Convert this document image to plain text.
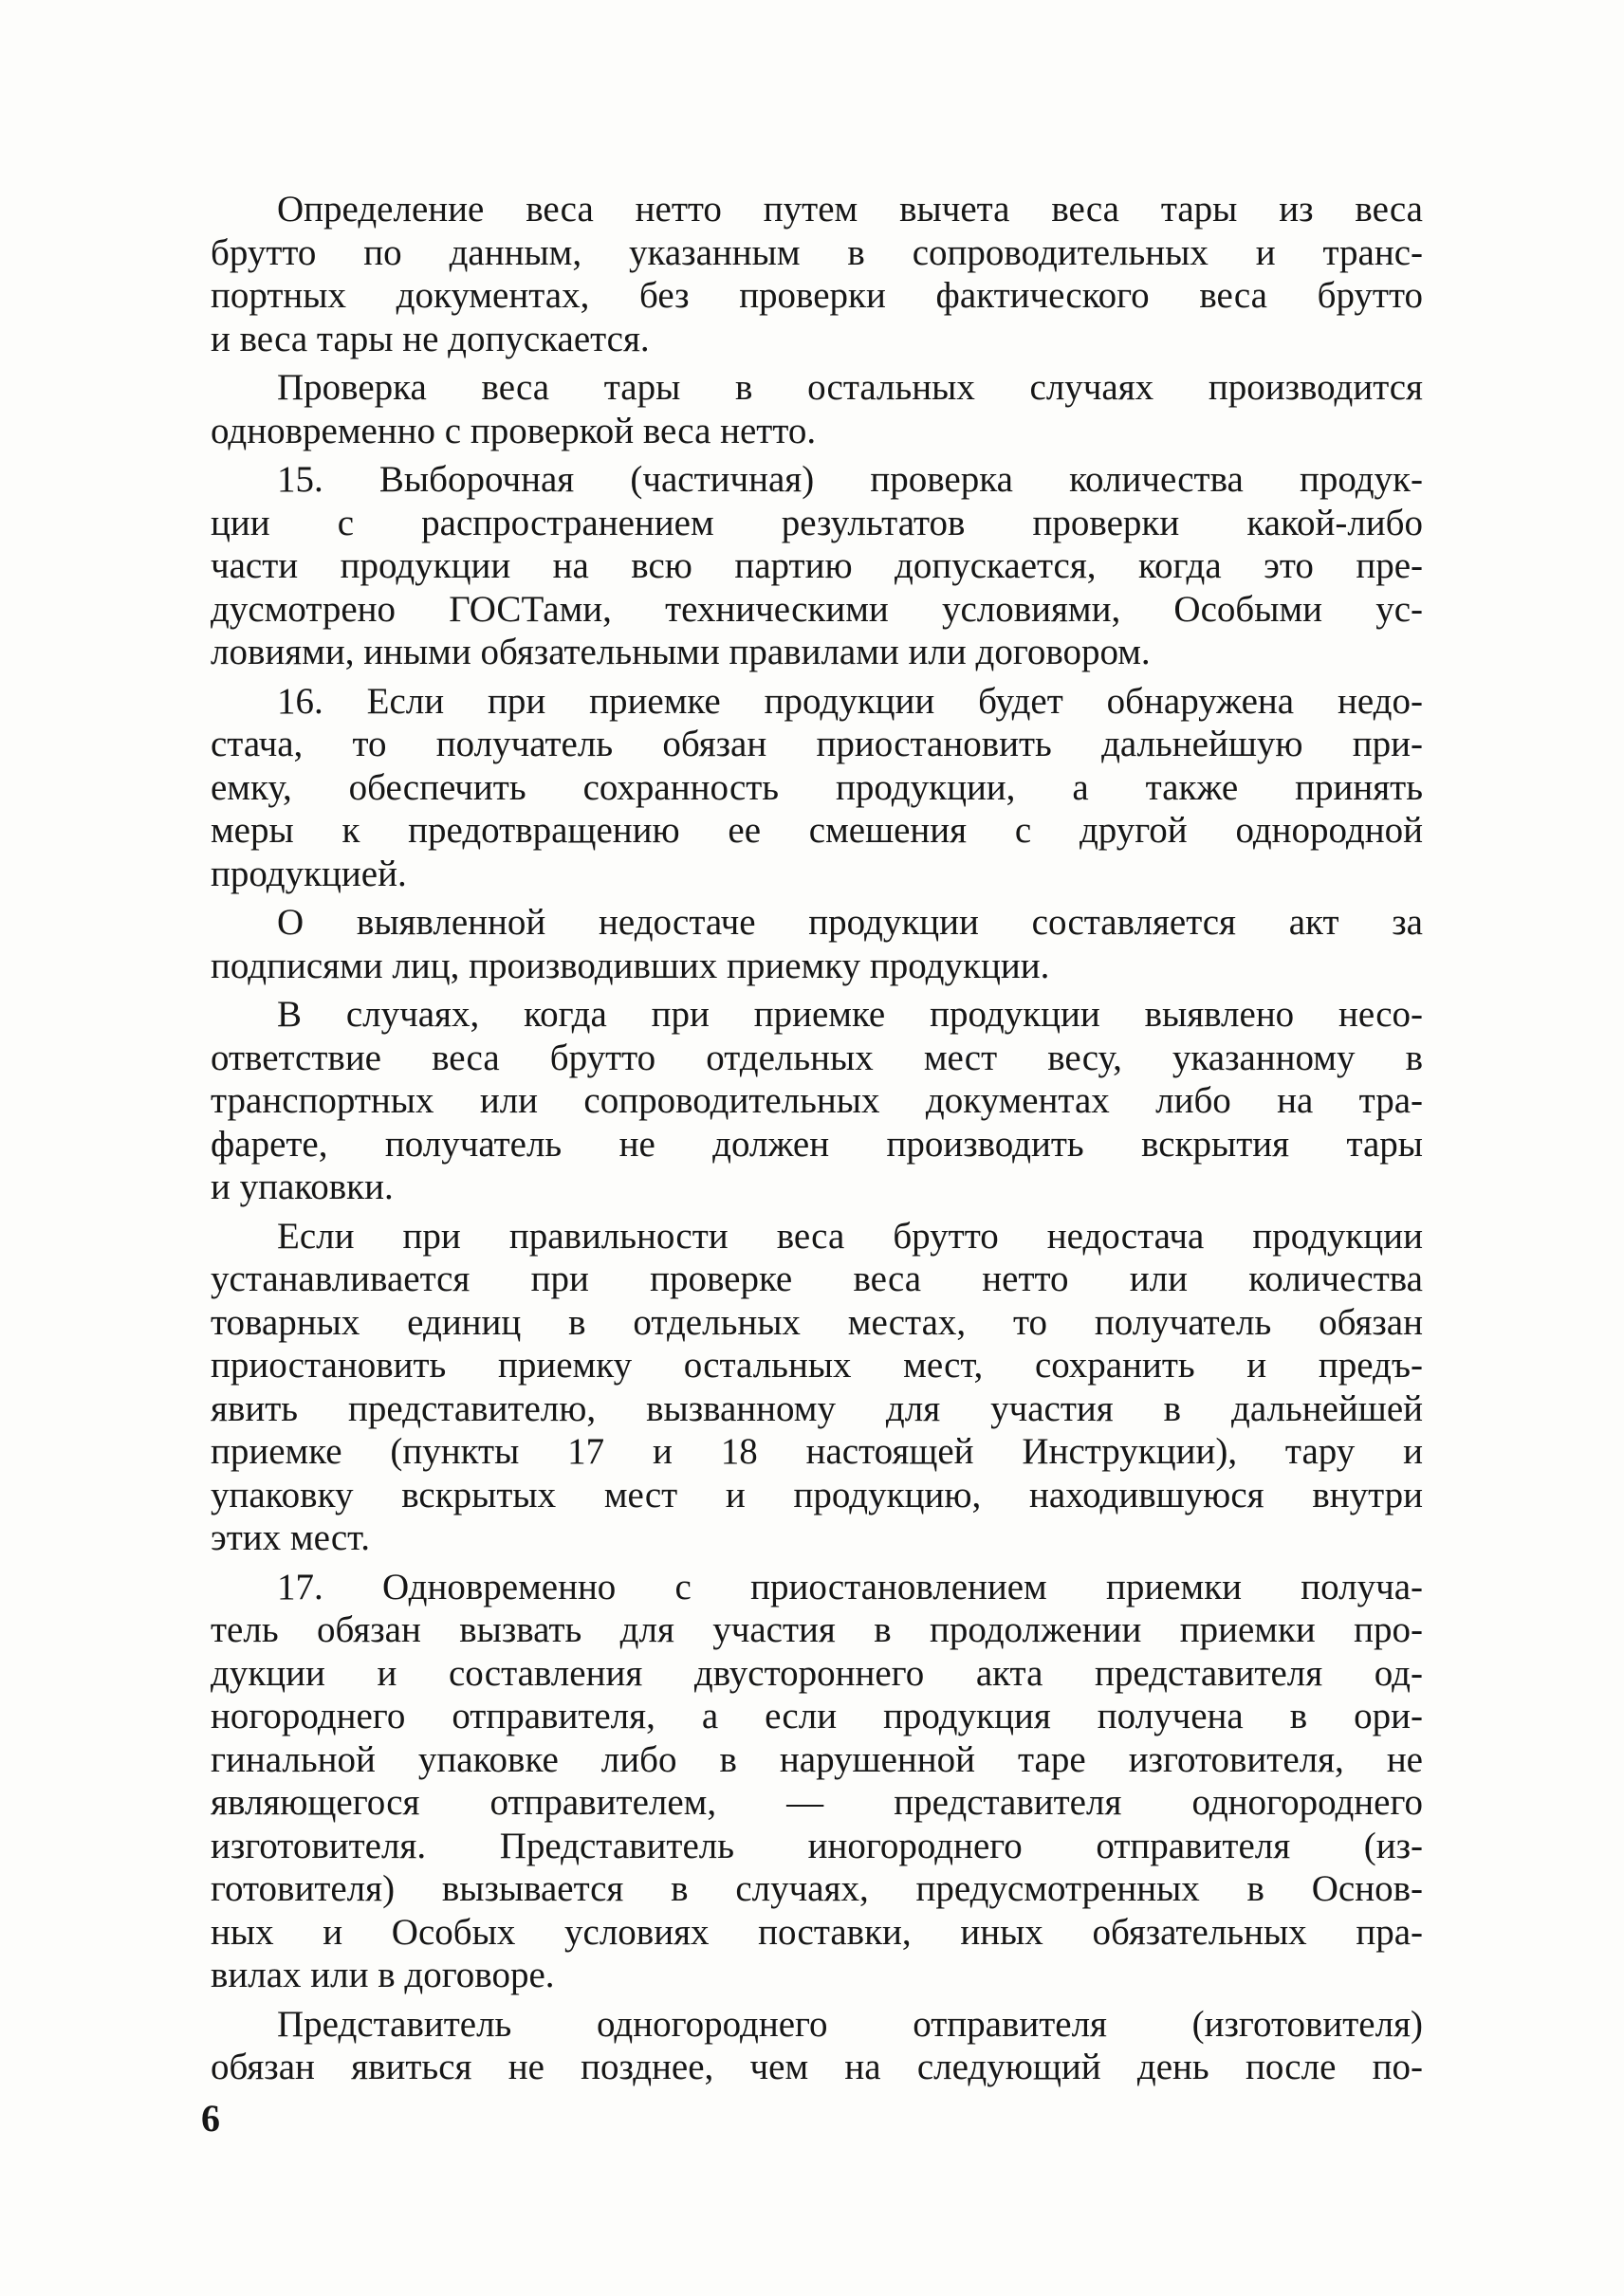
Определение веса нетто путем вычета веса тары из веса
брутто по данным, указанным в сопроводительных и транс-
портных документах, без проверки фактического веса брутто
и веса тары не допускается.
Проверка веса тары в остальных случаях производится
одновременно с проверкой веса нетто.
15. Выборочная (частичная) проверка количества продук-
ции с распространением результатов проверки какой-либо
части продукции на всю партию допускается, когда это пре-
дусмотрено ГОСТами, техническими условиями, Особыми ус-
ловиями, иными обязательными правилами или договором.
16. Если при приемке продукции будет обнаружена недо-
стача, то получатель обязан приостановить дальнейшую при-
емку, обеспечить сохранность продукции, а также принять
меры к предотвращению ее смешения с другой однородной
продукцией.
О выявленной недостаче продукции составляется акт за
подписями лиц, производивших приемку продукции.
В случаях, когда при приемке продукции выявлено несо-
ответствие веса брутто отдельных мест весу, указанному в
транспортных или сопроводительных документах либо на тра-
фарете, получатель не должен производить вскрытия тары
и упаковки.
Если при правильности веса брутто недостача продукции
устанавливается при проверке веса нетто или количества
товарных единиц в отдельных местах, то получатель обязан
приостановить приемку остальных мест, сохранить и предъ-
явить представителю, вызванному для участия в дальнейшей
приемке (пункты 17 и 18 настоящей Инструкции), тару и
упаковку вскрытых мест и продукцию, находившуюся внутри
этих мест.
17. Одновременно с приостановлением приемки получа-
тель обязан вызвать для участия в продолжении приемки про-
дукции и составления двустороннего акта представителя од-
ногороднего отправителя, а если продукция получена в ори-
гинальной упаковке либо в нарушенной таре изготовителя, не
являющегося отправителем, — представителя одногороднего
изготовителя. Представитель иногороднего отправителя (из-
готовителя) вызывается в случаях, предусмотренных в Основ-
ных и Особых условиях поставки, иных обязательных пра-
вилах или в договоре.
Представитель одногороднего отправителя (изготовителя)
обязан явиться не позднее, чем на следующий день после по-
6
